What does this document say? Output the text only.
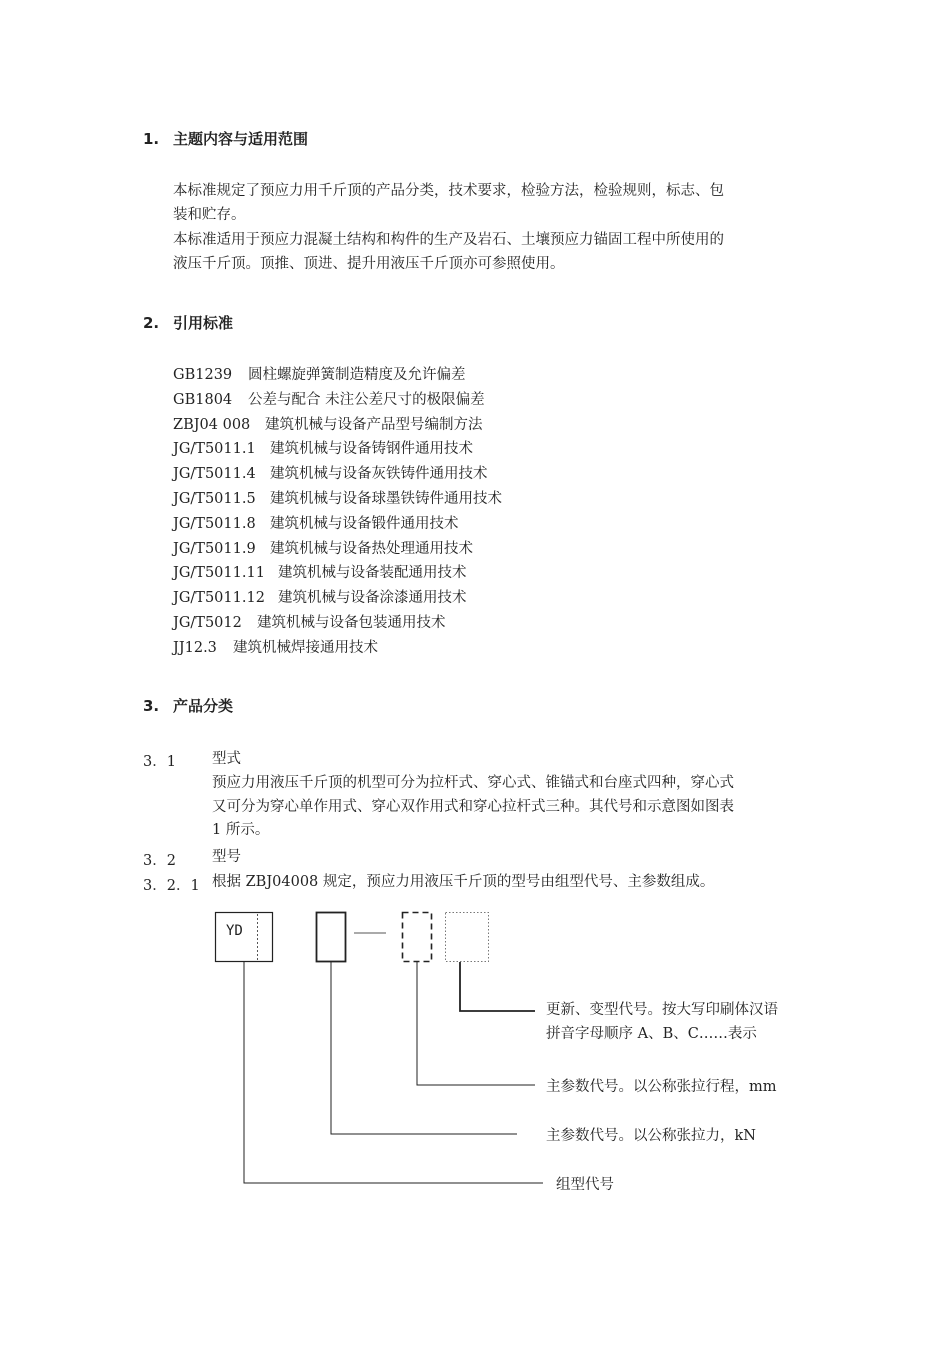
1. 主题内容与适用范围
本标准规定了预应力用千斤顶的产品分类，技术要求，检验方法，检验规则，标志、包
装和贮存。
本标准适用于预应力混凝土结构和构件的生产及岩石、土壤预应力锚固工程中所使用的
液压千斤顶。顶推、顶进、提升用液压千斤顶亦可参照使用。
2. 引用标准
GB1239 圆柱螺旋弹簧制造精度及允许偏差
GB1804 公差与配合 未注公差尺寸的极限偏差
ZBJ04 008 建筑机械与设备产品型号编制方法
JG/T5011.1 建筑机械与设备铸钢件通用技术
JG/T5011.4 建筑机械与设备灰铁铸件通用技术
JG/T5011.5 建筑机械与设备球墨铁铸件通用技术
JG/T5011.8 建筑机械与设备锻件通用技术
JG/T5011.9 建筑机械与设备热处理通用技术
JG/T5011.11 建筑机械与设备装配通用技术
JG/T5011.12 建筑机械与设备涂漆通用技术
JG/T5012 建筑机械与设备包装通用技术
JJ12.3 建筑机械焊接通用技术
3. 产品分类
3．1 型式
预应力用液压千斤顶的机型可分为拉杆式、穿心式、锥锚式和台座式四种，穿心式
又可分为穿心单作用式、穿心双作用式和穿心拉杆式三种。其代号和示意图如图表
1 所示。
3．2 型号
3．2．1 根据 ZBJ04008 规定，预应力用液压千斤顶的型号由组型代号、主参数组成。
YD
更新、变型代号。按大写印刷体汉语
拼音字母顺序 A、B、C……表示
主参数代号。以公称张拉行程，mm
主参数代号。以公称张拉力，kN
组型代号
